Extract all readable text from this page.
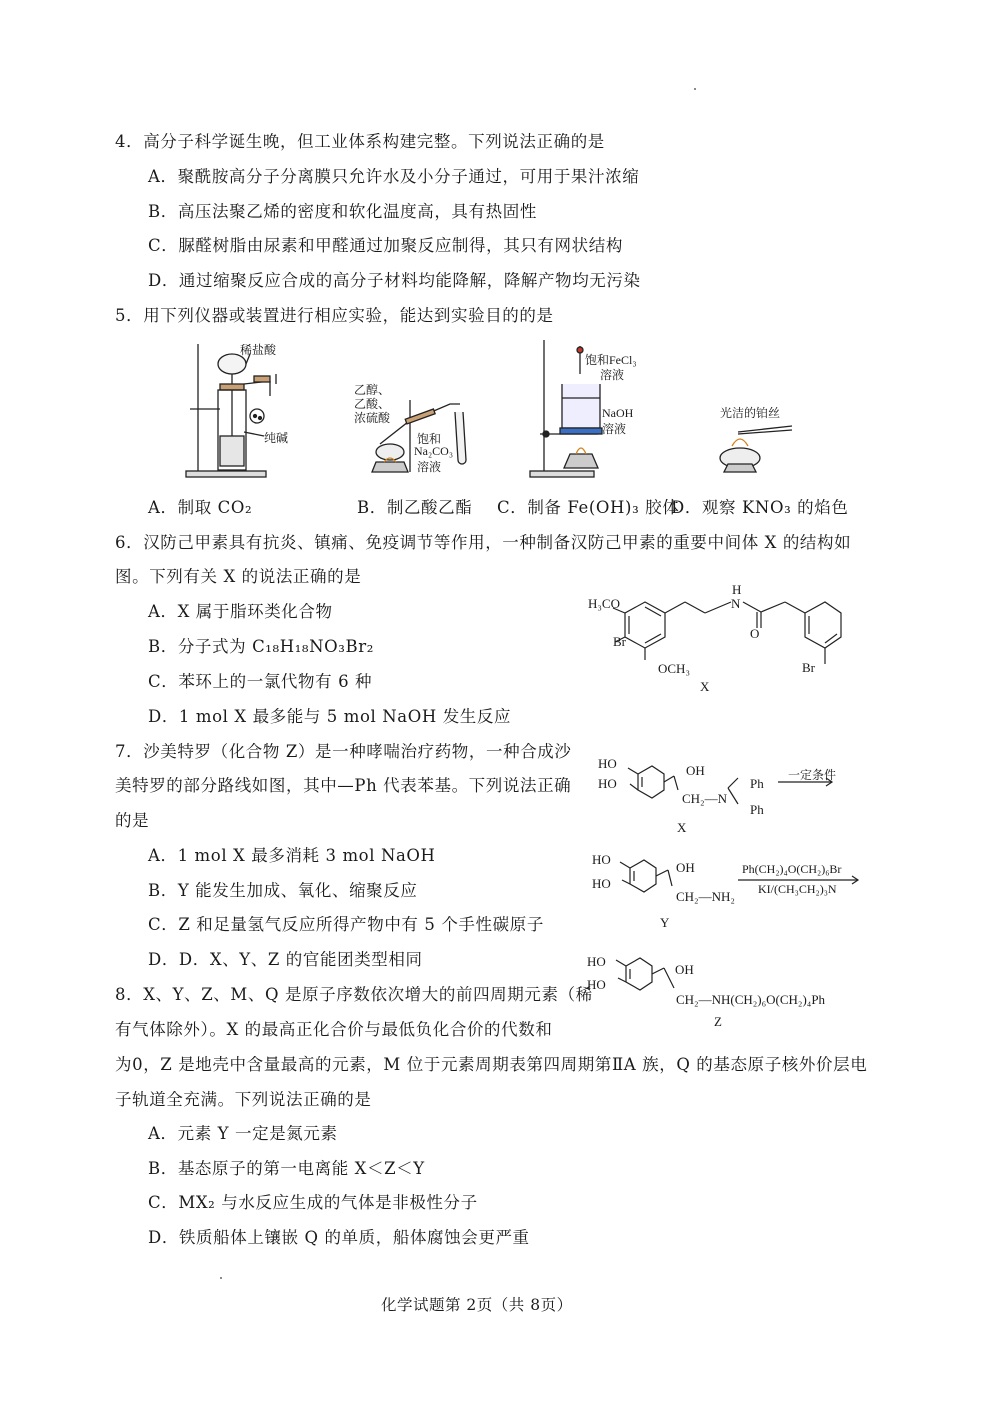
4．高分子科学诞生晚，但工业体系构建完整。下列说法正确的是
A．聚酰胺高分子分离膜只允许水及小分子通过，可用于果汁浓缩
B．高压法聚乙烯的密度和软化温度高，具有热固性
C．脲醛树脂由尿素和甲醛通过加聚反应制得，其只有网状结构
D．通过缩聚反应合成的高分子材料均能降解，降解产物均无污染
5．用下列仪器或装置进行相应实验，能达到实验目的的是
稀盐酸
纯碱
乙醇、
乙酸、
浓硫酸
饱和
Na₂CO₃
溶液
饱和FeCl₃
溶液
NaOH
溶液
光洁的铂丝
A．制取 CO₂	B．制乙酸乙酯 C．制备 Fe(OH)₃ 胶体
D．观察 KNO₃ 的焰色
6．汉防己甲素具有抗炎、镇痛、免疫调节等作用，一种制备汉防己甲素的重要中间体 X 的结构如
图。下列有关 X 的说法正确的是
A．X 属于脂环类化合物
B．分子式为 C₁₈H₁₈NO₃Br₂
C．苯环上的一氯代物有 6 种
D．1 mol X 最多能与 5 mol NaOH 发生反应
H₃CO
Br
OCH₃
H
N
O
Br
X
7．沙美特罗（化合物 Z）是一种哮喘治疗药物，一种合成沙
美特罗的部分路线如图，其中—Ph 代表苯基。下列说法正确
的是
A．1 mol X 最多消耗 3 mol NaOH
B．Y 能发生加成、氧化、缩聚反应
C．Z 和足量氢气反应所得产物中有 5 个手性碳原子
D．D．X、Y、Z 的官能团类型相同
HO
HO
OH
CH₂—N
Ph
Ph
一定条件
X
HO
HO
OH
CH₂—NH₂
Ph(CH₂)₄O(CH₂)₆Br
KI/(CH₃CH₂)₃N
Y
HO
HO
OH
CH₂—NH(CH₂)₆O(CH₂)₄Ph
Z
8．X、Y、Z、M、Q 是原子序数依次增大的前四周期元素（稀
有气体除外）。X 的最高正化合价与最低负化合价的代数和
为0，Z 是地壳中含量最高的元素，M 位于元素周期表第四周期第ⅡA 族，Q 的基态原子核外价层电
子轨道全充满。下列说法正确的是
A．元素 Y 一定是氮元素
B．基态原子的第一电离能 X＜Z＜Y
C．MX₂ 与水反应生成的气体是非极性分子
D．铁质船体上镶嵌 Q 的单质，船体腐蚀会更严重
化学试题第 2页（共 8页）
